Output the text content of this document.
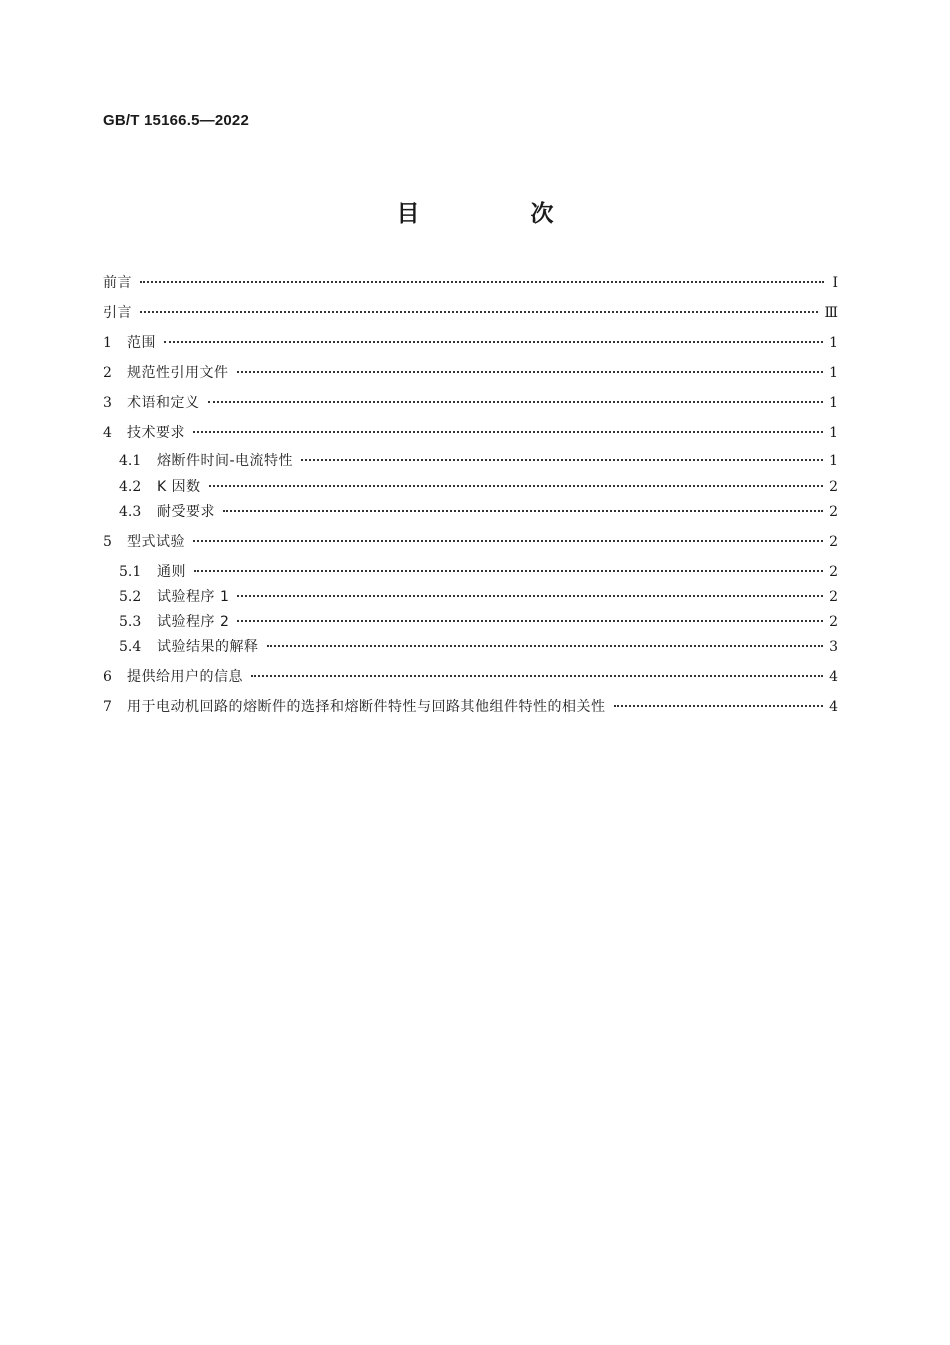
GB/T 15166.5—2022
目　次
前言	Ⅰ
引言	Ⅲ
1	范围	1
2	规范性引用文件	1
3	术语和定义	1
4	技术要求	1
4.1	熔断件时间-电流特性	1
4.2	K 因数	2
4.3	耐受要求	2
5	型式试验	2
5.1	通则	2
5.2	试验程序 1	2
5.3	试验程序 2	2
5.4	试验结果的解释	3
6	提供给用户的信息	4
7	用于电动机回路的熔断件的选择和熔断件特性与回路其他组件特性的相关性	4
